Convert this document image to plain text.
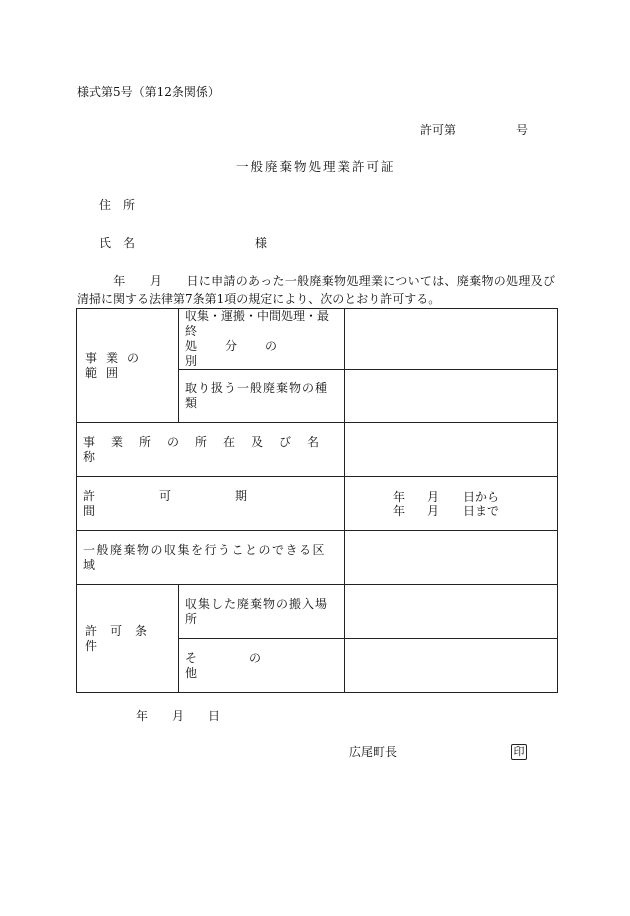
様式第5号（第12条関係）
許可第	号
一般廃棄物処理業許可証
住所
氏名	様
年 月 日に申請のあった一般廃棄物処理業については、廃棄物の処理及び清掃に関する法律第7条第1項の規定により、次のとおり許可する。
事業の範囲	収集・運搬・中間処理・最終
処分の別	

	取り扱う一般廃棄物の種類	
事業所の所在及び名称		
許可期間		年 月 日から
年 月 日まで

一般廃棄物の収集を行うことのできる区域		

許可条件	収集した廃棄物の搬入場所	
	その他	
年 月 日
広尾町長	印
